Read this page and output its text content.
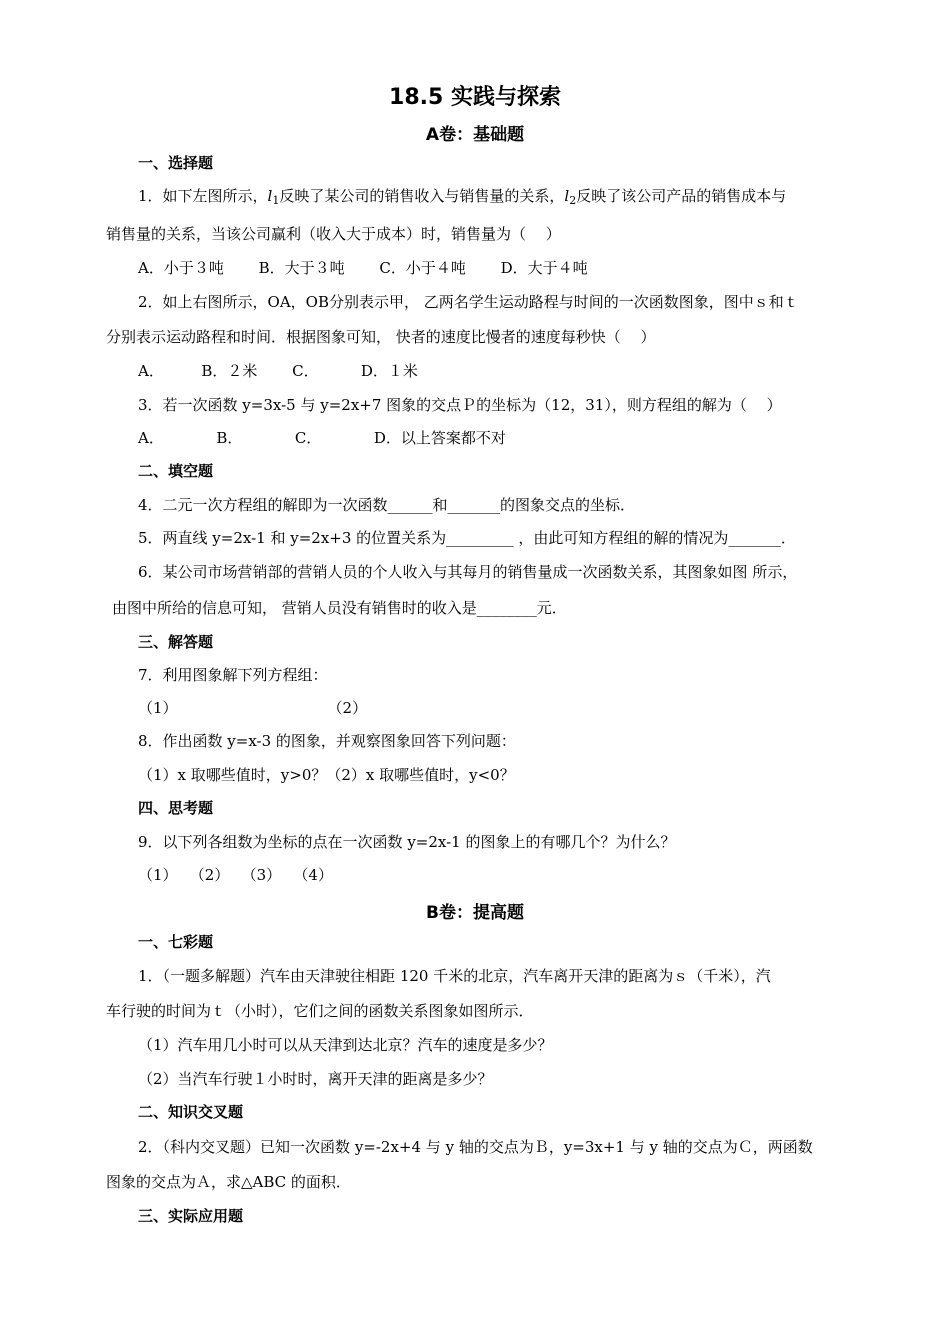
18.5 实践与探索
A卷：基础题
一、选择题
1．如下左图所示，$l_1$反映了某公司的销售收入与销售量的关系，$l_2$反映了该公司产品的销售成本与
销售量的关系，当该公司赢利（收入大于成本）时，销售量为（　 ）
A．小于３吨　　 B．大于３吨　　 C．小于４吨　　 D．大于４吨
2．如上右图所示，OA，OB分别表示甲， 乙两名学生运动路程与时间的一次函数图象，图中ｓ和ｔ
分别表示运动路程和时间．根据图象可知， 快者的速度比慢者的速度每秒快（　 ）
A．　　　B．２米　　 C．　　　 D．１米
3．若一次函数 y=3x-5 与 y=2x+7 图象的交点Ｐ的坐标为（12，31），则方程组的解为（　 ）
A．　　　　B．　　　　C．　　　　D．以上答案都不对
二、填空题
4．二元一次方程组的解即为一次函数______和_______的图象交点的坐标．
5．两直线 y=2x-1 和 y=2x+3 的位置关系为_________ ，由此可知方程组的解的情况为_______．
6．某公司市场营销部的营销人员的个人收入与其每月的销售量成一次函数关系，其图象如图 所示，
由图中所给的信息可知， 营销人员没有销售时的收入是________元．
三、解答题
7．利用图象解下列方程组：
（1）　　　　　　　　　　　（2）
8．作出函数 y=x-3 的图象，并观察图象回答下列问题：
（1）x 取哪些值时，y>0？（2）x 取哪些值时，y<0？
四、思考题
9．以下列各组数为坐标的点在一次函数 y=2x-1 的图象上的有哪几个？为什么？
（1）　 （2）　 （3）　 （4）
B卷：提高题
一、七彩题
1．（一题多解题）汽车由天津驶往相距 120 千米的北京，汽车离开天津的距离为ｓ（千米），汽
车行驶的时间为ｔ（小时），它们之间的函数关系图象如图所示．
（1）汽车用几小时可以从天津到达北京？汽车的速度是多少？
（2）当汽车行驶１小时时，离开天津的距离是多少？
二、知识交叉题
2．（科内交叉题）已知一次函数 y=-2x+4 与 y 轴的交点为Ｂ，y=3x+1 与 y 轴的交点为Ｃ，两函数
图象的交点为Ａ，求△ABC 的面积．
三、实际应用题
